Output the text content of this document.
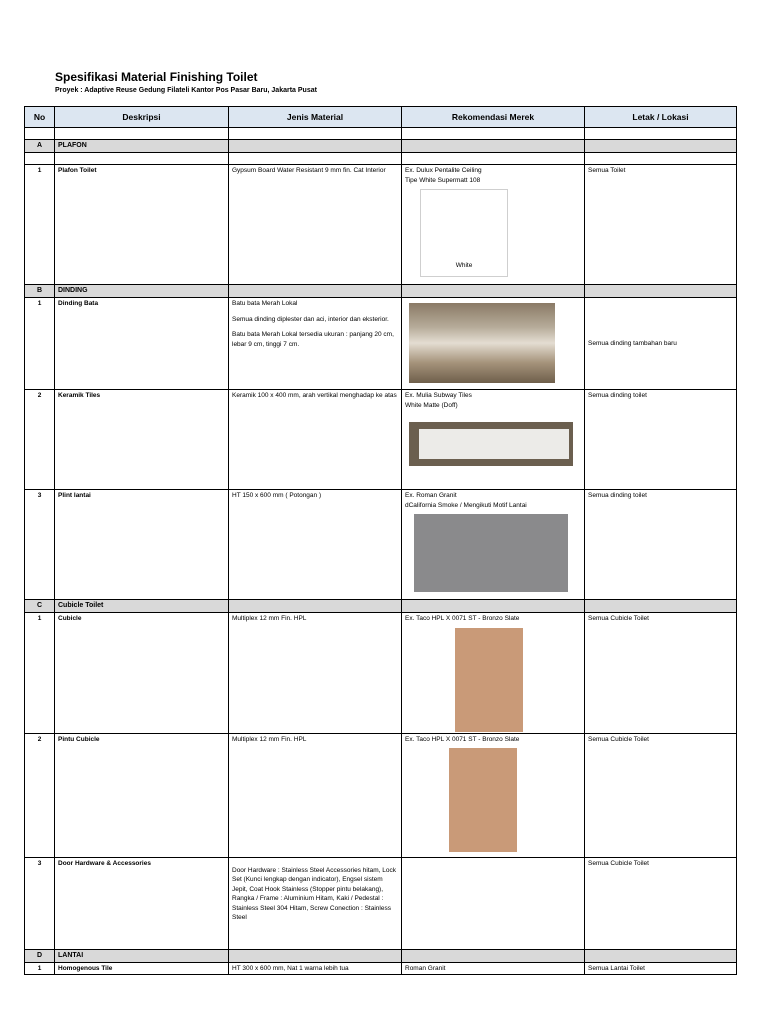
Spesifikasi Material Finishing Toilet
Proyek : Adaptive Reuse Gedung Filateli Kantor Pos Pasar Baru, Jakarta Pusat
No	Deskripsi	Jenis Material	Rekomendasi Merek	Letak / Lokasi

A	PLAFON			

1	Plafon Toilet	Gypsum Board Water Resistant 9 mm fin. Cat Interior	Ex. Dulux Pentalite Ceiling
Tipe White Supermatt 108
White	Semua Toilet
B	DINDING			
1	Dinding Bata	Batu bata Merah Lokal

Semua dinding diplester dan aci, interior dan eksterior.

Batu bata Merah Lokal tersedia ukuran : panjang 20 cm, lebar 9 cm, tinggi 7 cm.		Semua dinding tambahan baru
2	Keramik Tiles	Keramik 100 x 400 mm, arah vertikal menghadap ke atas	Ex. Mulia Subway Tiles
White Matte (Doff)	Semua dinding toilet
3	Plint lantai	HT 150 x 600 mm ( Potongan )	Ex. Roman Granit
dCalifornia Smoke / Mengikuti Motif Lantai	Semua dinding toilet
C	Cubicle Toilet			
1	Cubicle	Multiplex 12 mm Fin. HPL	Ex. Taco HPL X 0071 ST - Bronzo Slate	Semua Cubicle Toilet
2	Pintu Cubicle	Multiplex 12 mm Fin. HPL	Ex. Taco HPL X 0071 ST - Bronzo Slate	Semua Cubicle Toilet
3	Door Hardware & Accessories	Door Hardware : Stainless Steel Accessories hitam, Lock Set (Kunci lengkap dengan indicator), Engsel sistem Jepit, Coat Hook Stainless (Stopper pintu belakang), Rangka / Frame : Aluminium Hitam, Kaki / Pedestal : Stainless Steel 304 Hitam, Screw Conection : Stainless Steel		Semua Cubicle Toilet
D	LANTAI			
1	Homogenous Tile	HT 300 x 600 mm, Nat 1 warna lebih tua	Roman Granit	Semua Lantai Toilet
